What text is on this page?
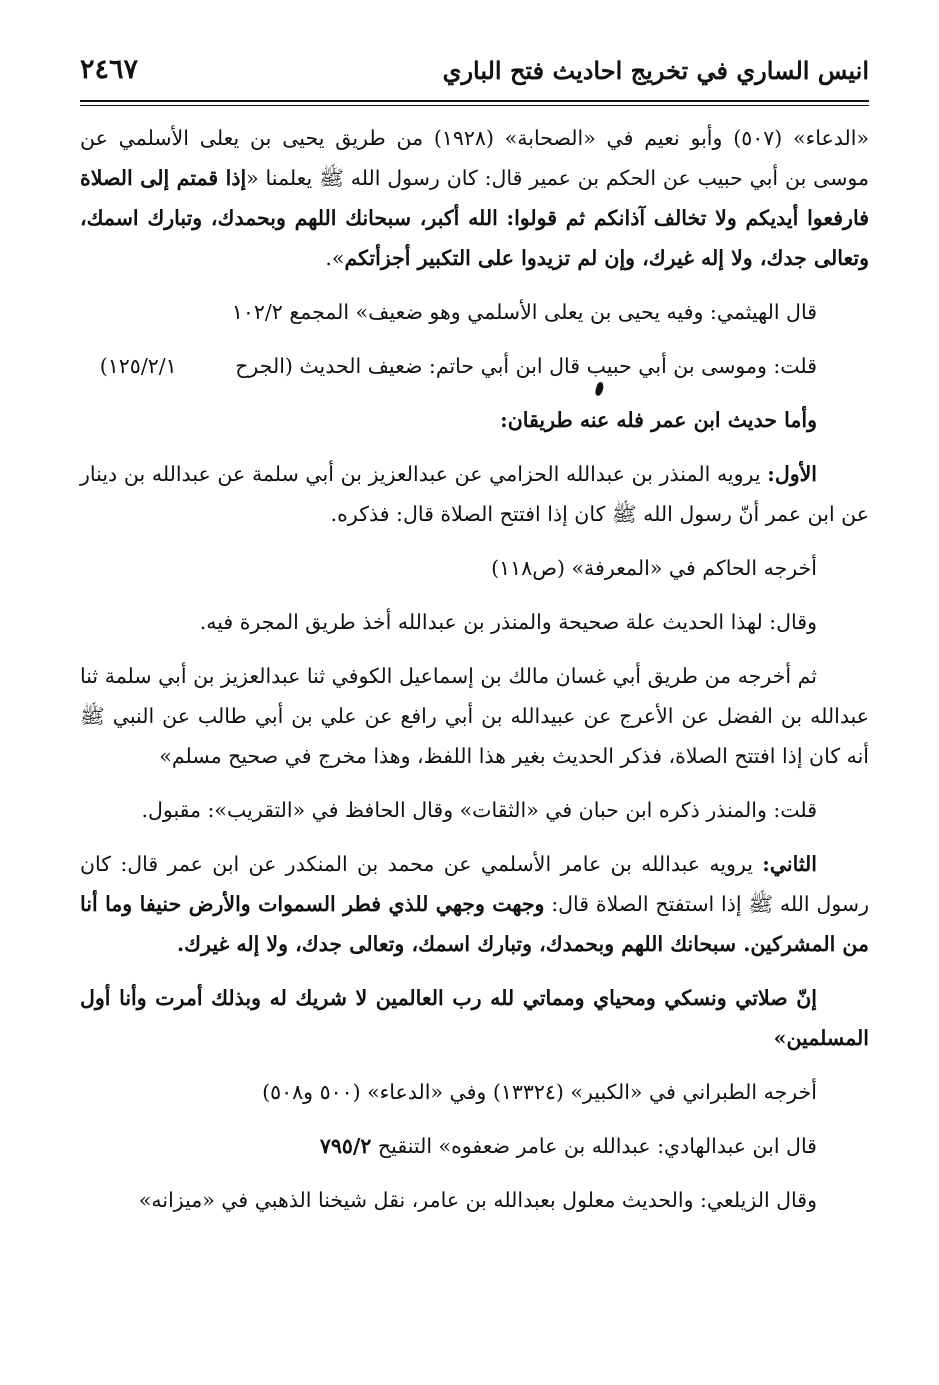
انيس الساري في تخريج احاديث فتح الباري
٢٤٦٧

«الدعاء» (٥٠٧) وأبو نعيم في «الصحابة» (١٩٢٨) من طريق يحيى بن يعلى الأسلمي عن موسى بن أبي حبيب عن الحكم بن عمير قال: كان رسول الله ﷺ يعلمنا «إذا قمتم إلى الصلاة فارفعوا أيديكم ولا تخالف آذانكم ثم قولوا: الله أكبر، سبحانك اللهم وبحمدك، وتبارك اسمك، وتعالى جدك، ولا إله غيرك، وإن لم تزيدوا على التكبير أجزأتكم».

قال الهيثمي: وفيه يحيى بن يعلى الأسلمي وهو ضعيف» المجمع ١٠٢/٢

قلت: وموسى بن أبي حبيب قال ابن أبي حاتم: ضعيف الحديث (الجرح ١٢٥/٢/١)

وأما حديث ابن عمر فله عنه طريقان:

الأول: يرويه المنذر بن عبدالله الحزامي عن عبدالعزيز بن أبي سلمة عن عبدالله بن دينار عن ابن عمر أنّ رسول الله ﷺ كان إذا افتتح الصلاة قال: فذكره.

أخرجه الحاكم في «المعرفة» (ص١١٨)

وقال: لهذا الحديث علة صحيحة والمنذر بن عبدالله أخذ طريق المجرة فيه.

ثم أخرجه من طريق أبي غسان مالك بن إسماعيل الكوفي ثنا عبدالعزيز بن أبي سلمة ثنا عبدالله بن الفضل عن الأعرج عن عبيدالله بن أبي رافع عن علي بن أبي طالب عن النبي ﷺ أنه كان إذا افتتح الصلاة، فذكر الحديث بغير هذا اللفظ، وهذا مخرج في صحيح مسلم»

قلت: والمنذر ذكره ابن حبان في «الثقات» وقال الحافظ في «التقريب»: مقبول.

الثاني: يرويه عبدالله بن عامر الأسلمي عن محمد بن المنكدر عن ابن عمر قال: كان رسول الله ﷺ إذا استفتح الصلاة قال: وجهت وجهي للذي فطر السموات والأرض حنيفا وما أنا من المشركين. سبحانك اللهم وبحمدك، وتبارك اسمك، وتعالى جدك، ولا إله غيرك.

إنّ صلاتي ونسكي ومحياي ومماتي لله رب العالمين لا شريك له وبذلك أمرت وأنا أول المسلمين»

أخرجه الطبراني في «الكبير» (١٣٣٢٤) وفي «الدعاء» (٥٠٠ و٥٠٨)

قال ابن عبدالهادي: عبدالله بن عامر ضعفوه» التنقيح ٧٩٥/٢

وقال الزيلعي: والحديث معلول بعبدالله بن عامر، نقل شيخنا الذهبي في «ميزانه»
